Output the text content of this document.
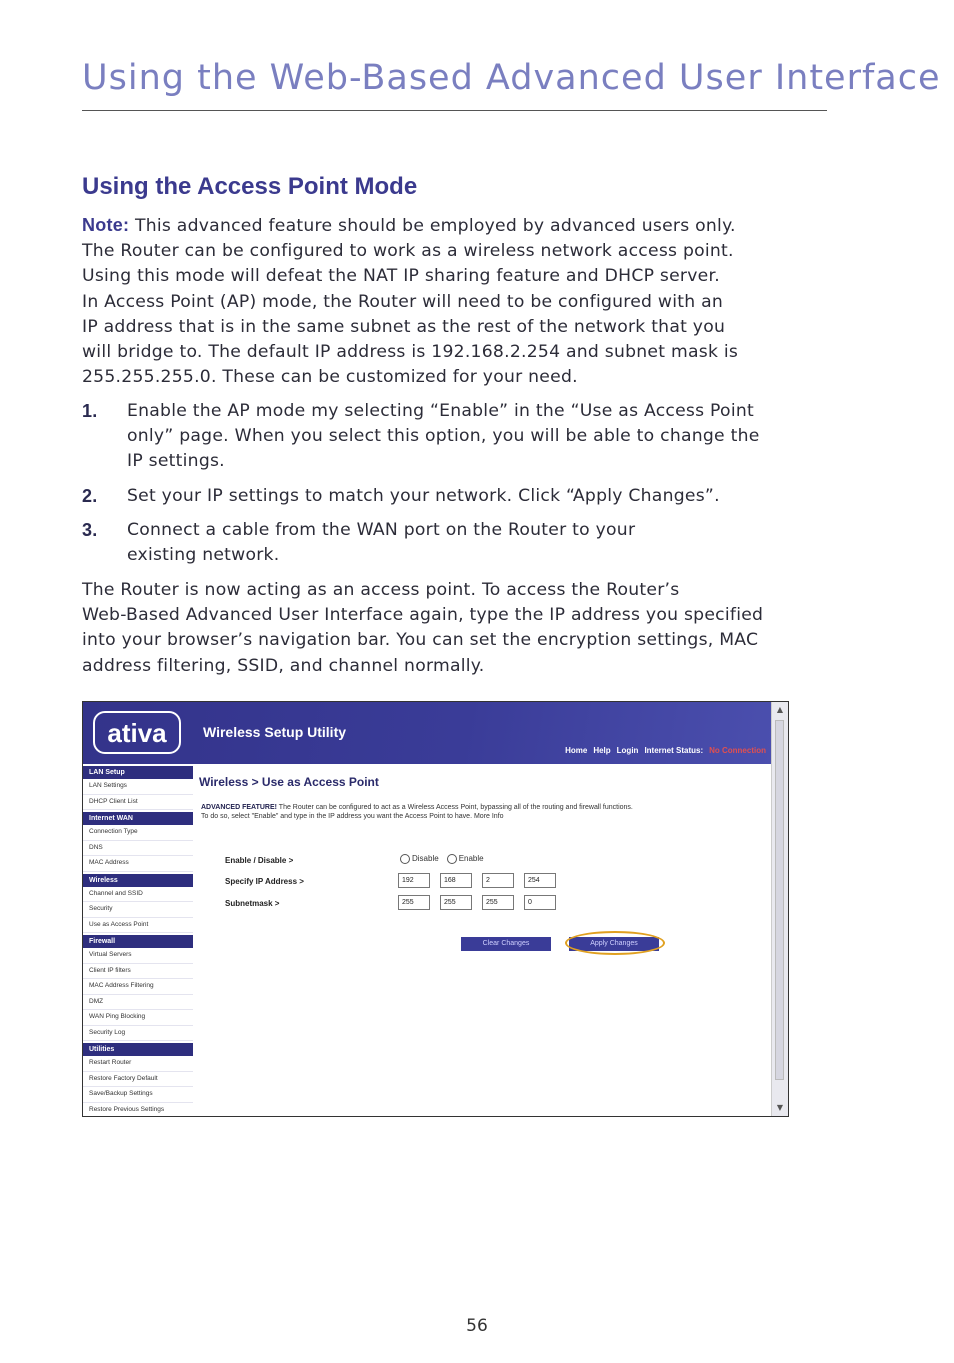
Using the Web-Based Advanced User Interface
Using the Access Point Mode

Note: This advanced feature should be employed by advanced users only.
The Router can be configured to work as a wireless network access point.
Using this mode will defeat the NAT IP sharing feature and DHCP server.
In Access Point (AP) mode, the Router will need to be configured with an
IP address that is in the same subnet as the rest of the network that you
will bridge to. The default IP address is 192.168.2.254 and subnet mask is
255.255.255.0. These can be customized for your need.

1. Enable the AP mode my selecting “Enable” in the “Use as Access Point
only” page. When you select this option, you will be able to change the
IP settings.
2. Set your IP settings to match your network. Click “Apply Changes”.
3. Connect a cable from the WAN port on the Router to your
existing network.

The Router is now acting as an access point. To access the Router’s
Web-Based Advanced User Interface again, type the IP address you specified
into your browser’s navigation bar. You can set the encryption settings, MAC
address filtering, SSID, and channel normally.

ativa	Wireless Setup Utility
Home Help Login Internet Status: No Connection
LAN Setup
LAN Settings
DHCP Client List
Internet WAN
Connection Type
DNS
MAC Address
Wireless
Channel and SSID
Security
Use as Access Point
Firewall
Virtual Servers
Client IP filters
MAC Address Filtering
DMZ
WAN Ping Blocking
Security Log
Utilities
Restart Router
Restore Factory Default
Save/Backup Settings
Restore Previous Settings
Wireless > Use as Access Point
ADVANCED FEATURE! The Router can be configured to act as a Wireless Access Point, bypassing all of the routing and firewall functions. To do so, select "Enable" and type in the IP address you want the Access Point to have. More Info
Enable / Disable >	Disable	Enable
Specify IP Address >	192	168	2	254
Subnetmask >	255	255	255	0
Clear Changes	Apply Changes
▲
▼
56
